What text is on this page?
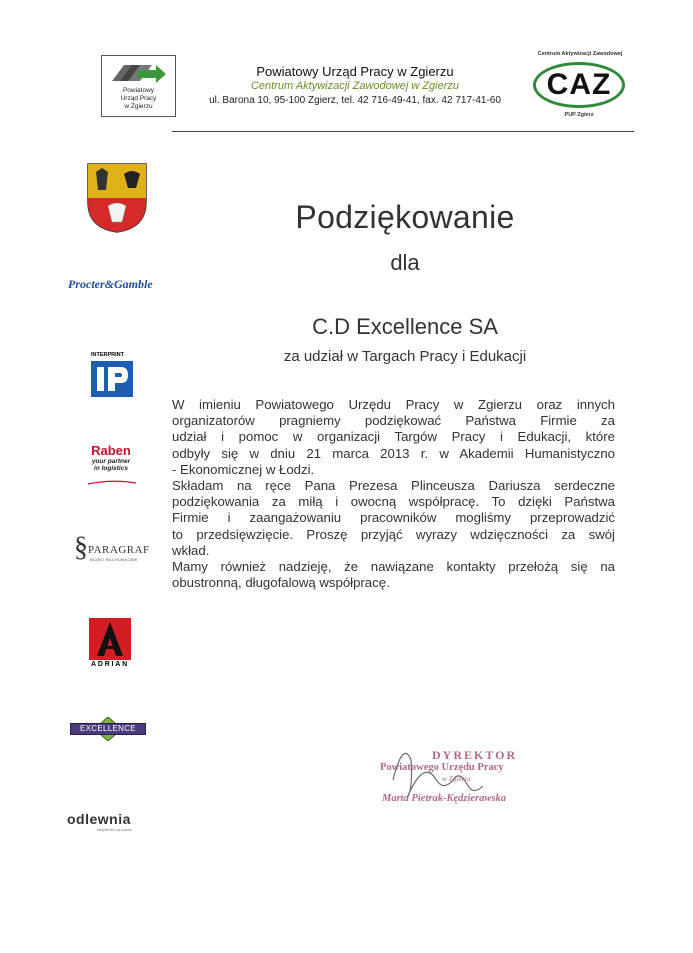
Powiatowy
Urząd Pracy
w Zgierzu
Powiatowy Urząd Pracy w Zgierzu
Centrum Aktywizacji Zawodowej w Zgierzu
ul. Barona 10, 95-100 Zgierz, tel. 42 716-49-41, fax. 42 717-41-60
Centrum Aktywizacji Zawodowej
CAZ
PUP Zgierz
Procter&Gamble
INTERPRINT
Raben
your partner
in logistics
§ PARAGRAF
BIURO RACHUNKOWE
ADRIAN
EXCELLENCE
odlewnia
fabryka idei na ścianie
Podziękowanie
dla
C.D Excellence SA
za udział w Targach Pracy i Edukacji

W imieniu Powiatowego Urzędu Pracy w Zgierzu oraz innych

organizatorów pragniemy podziękować Państwa Firmie za

udział i pomoc w organizacji Targów Pracy i Edukacji, które

odbyły się w dniu 21 marca 2013 r. w Akademii Humanistyczno

- Ekonomicznej w Łodzi.

Składam na ręce Pana Prezesa Plinceusza Dariusza serdeczne

podziękowania za miłą i owocną współpracę. To dzięki Państwa

Firmie i zaangażowaniu pracowników mogliśmy przeprowadzić

to przedsięwzięcie. Proszę przyjąć wyrazy wdzięczności za swój

wkład.

Mamy również nadzieję, że nawiązane kontakty przełożą się na

obustronną, długofalową współpracę.

DYREKTOR
Powiatowego Urzędu Pracy
w Zgierzu
Marta Pietrak-Kędzierawska
